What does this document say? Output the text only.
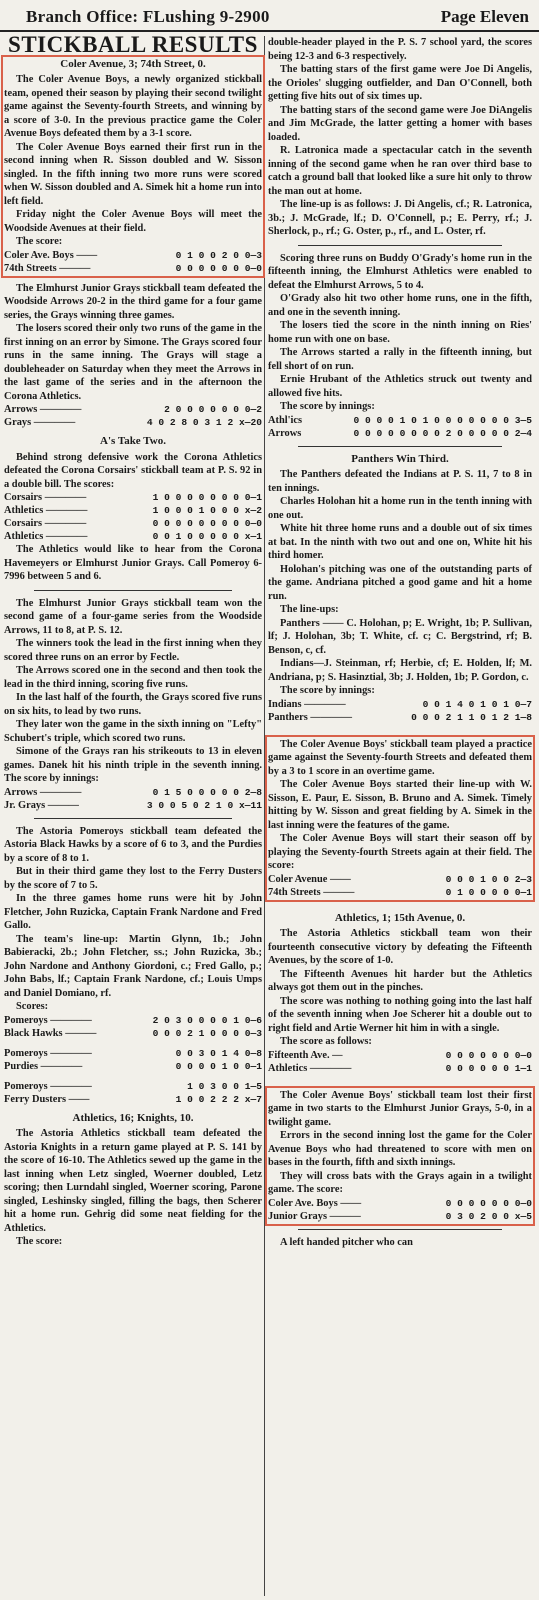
Branch Office: FLushing 9-2900	Page Eleven
STICKBALL RESULTS
Coler Avenue, 3; 74th Street, 0.

The Coler Avenue Boys, a newly organized stickball team, opened their season by playing their second twilight game against the Seventy-fourth Streets, and winning by a score of 3-0. In the previous practice game the Coler Avenue Boys defeated them by a 3-1 score.

The Coler Avenue Boys earned their first run in the second inning when R. Sisson doubled and W. Sisson singled. In the fifth inning two more runs were scored when W. Sisson doubled and A. Simek hit a home run into left field.

Friday night the Coler Avenue Boys will meet the Woodside Avenues at their field.

The score:

Coler Ave. Boys ——	0 1 0 0 2 0 0—3
74th Streets ———	0 0 0 0 0 0 0—0

The Elmhurst Junior Grays stickball team defeated the Woodside Arrows 20-2 in the third game for a four game series, the Grays winning three games.

The losers scored their only two runs of the game in the first inning on an error by Simone. The Grays scored four runs in the same inning. The Grays will stage a doubleheader on Saturday when they meet the Arrows in the last game of the series and in the afternoon the Corona Athletics.

Arrows ————	2 0 0 0 0 0 0 0—2
Grays ————	4 0 2 8 0 3 1 2 x—20
A's Take Two.

Behind strong defensive work the Corona Athletics defeated the Corona Corsairs' stickball team at P. S. 92 in a double bill. The scores:

Corsairs ————	1 0 0 0 0 0 0 0 0—1
Athletics ————	1 0 0 0 1 0 0 0 x—2
Corsairs ————	0 0 0 0 0 0 0 0 0—0
Athletics ————	0 0 1 0 0 0 0 0 x—1

The Athletics would like to hear from the Corona Havemeyers or Elmhurst Junior Grays. Call Pomeroy 6-7996 between 5 and 6.

The Elmhurst Junior Grays stickball team won the second game of a four-game series from the Woodside Arrows, 11 to 8, at P. S. 12.

The winners took the lead in the first inning when they scored three runs on an error by Fectle.

The Arrows scored one in the second and then took the lead in the third inning, scoring five runs.

In the last half of the fourth, the Grays scored five runs on six hits, to lead by two runs.

They later won the game in the sixth inning on "Lefty" Schubert's triple, which scored two runs.

Simone of the Grays ran his strikeouts to 13 in eleven games. Danek hit his ninth triple in the seventh inning. The score by innings:

Arrows ————	0 1 5 0 0 0 0 0 2—8
Jr. Grays ———	3 0 0 5 0 2 1 0 x—11

The Astoria Pomeroys stickball team defeated the Astoria Black Hawks by a score of 6 to 3, and the Purdies by a score of 8 to 1.

But in their third game they lost to the Ferry Dusters by the score of 7 to 5.

In the three games home runs were hit by John Fletcher, John Ruzicka, Captain Frank Nardone and Fred Gallo.

The team's line-up: Martin Glynn, 1b.; John Babieracki, 2b.; John Fletcher, ss.; John Ruzicka, 3b.; John Nardone and Anthony Giordoni, c.; Fred Gallo, p.; John Babs, lf.; Captain Frank Nardone, cf.; Louis Umps and Daniel Domiano, rf.

Scores:

Pomeroys ————	2 0 3 0 0 0 0 1 0—6
Black Hawks ———	0 0 0 2 1 0 0 0 0—3
Pomeroys ————	0 0 3 0 1 4 0—8
Purdies ————	0 0 0 0 1 0 0—1
Pomeroys ————	1 0 3 0 0 1—5
Ferry Dusters ——	1 0 0 2 2 2 x—7
Athletics, 16; Knights, 10.

The Astoria Athletics stickball team defeated the Astoria Knights in a return game played at P. S. 141 by the score of 16-10. The Athletics sewed up the game in the last inning when Letz singled, Woerner doubled, Letz scoring; then Lurndahl singled, Woerner scoring, Parone singled, Leshinsky singled, filling the bags, then Scherer hit a home run. Gehrig did some neat fielding for the Athletics.

The score:

double-header played in the P. S. 7 school yard, the scores being 12-3 and 6-3 respectively.

The batting stars of the first game were Joe Di Angelis, the Orioles' slugging outfielder, and Dan O'Connell, both getting five hits out of six times up.

The batting stars of the second game were Joe DiAngelis and Jim McGrade, the latter getting a homer with bases loaded.

R. Latronica made a spectacular catch in the seventh inning of the second game when he ran over third base to catch a ground ball that looked like a sure hit only to throw the man out at home.

The line-up is as follows: J. Di Angelis, cf.; R. Latronica, 3b.; J. McGrade, lf.; D. O'Connell, p.; E. Perry, rf.; J. Sherlock, p., rf.; G. Oster, p., rf., and L. Oster, rf.

Scoring three runs on Buddy O'Grady's home run in the fifteenth inning, the Elmhurst Athletics were enabled to defeat the Elmhurst Arrows, 5 to 4.

O'Grady also hit two other home runs, one in the fifth, and one in the seventh inning.

The losers tied the score in the ninth inning on Ries' home run with one on base.

The Arrows started a rally in the fifteenth inning, but fell short of on run.

Ernie Hrubant of the Athletics struck out twenty and allowed five hits.

The score by innings:

Athl'ics	0 0 0 0 1 0 1 0 0 0 0 0 0 0 3—5
Arrows	0 0 0 0 0 0 0 0 2 0 0 0 0 0 2—4
Panthers Win Third.

The Panthers defeated the Indians at P. S. 11, 7 to 8 in ten innings.

Charles Holohan hit a home run in the tenth inning with one out.

White hit three home runs and a double out of six times at bat. In the ninth with two out and one on, White hit his third homer.

Holohan's pitching was one of the outstanding parts of the game. Andriana pitched a good game and hit a home run.

The line-ups:

Panthers —— C. Holohan, p; E. Wright, 1b; P. Sullivan, lf; J. Holohan, 3b; T. White, cf. c; C. Bergstrind, rf; B. Benson, c, cf.

Indians—J. Steinman, rf; Herbie, cf; E. Holden, lf; M. Andriana, p; S. Hasinztial, 3b; J. Holden, 1b; P. Gordon, c.

The score by innings:

Indians ————	0 0 1 4 0 1 0 1 0—7
Panthers ————	0 0 0 2 1 1 0 1 2 1—8

The Coler Avenue Boys' stickball team played a practice game against the Seventy-fourth Streets and defeated them by a 3 to 1 score in an overtime game.

The Coler Avenue Boys started their line-up with W. Sisson, E. Paur, E. Sisson, B. Bruno and A. Simek. Timely hitting by W. Sisson and great fielding by A. Simek in the last inning were the features of the game.

The Coler Avenue Boys will start their season off by playing the Seventy-fourth Streets again at their field. The score:

Coler Avenue ——	0 0 0 1 0 0 2—3
74th Streets ———	0 1 0 0 0 0 0—1
Athletics, 1; 15th Avenue, 0.

The Astoria Athletics stickball team won their fourteenth consecutive victory by defeating the Fifteenth Avenues, by the score of 1-0.

The Fifteenth Avenues hit harder but the Athletics always got them out in the pinches.

The score was nothing to nothing going into the last half of the seventh inning when Joe Scherer hit a double out to right field and Artie Werner hit him in with a single.

The score as follows:

Fifteenth Ave. —	0 0 0 0 0 0 0—0
Athletics ————	0 0 0 0 0 0 1—1

The Coler Avenue Boys' stickball team lost their first game in two starts to the Elmhurst Junior Grays, 5-0, in a twilight game.

Errors in the second inning lost the game for the Coler Avenue Boys who had threatened to score with men on bases in the fourth, fifth and sixth innings.

They will cross bats with the Grays again in a twilight game. The score:

Coler Ave. Boys ——	0 0 0 0 0 0 0—0
Junior Grays ———	0 3 0 2 0 0 x—5

A left handed pitcher who can
